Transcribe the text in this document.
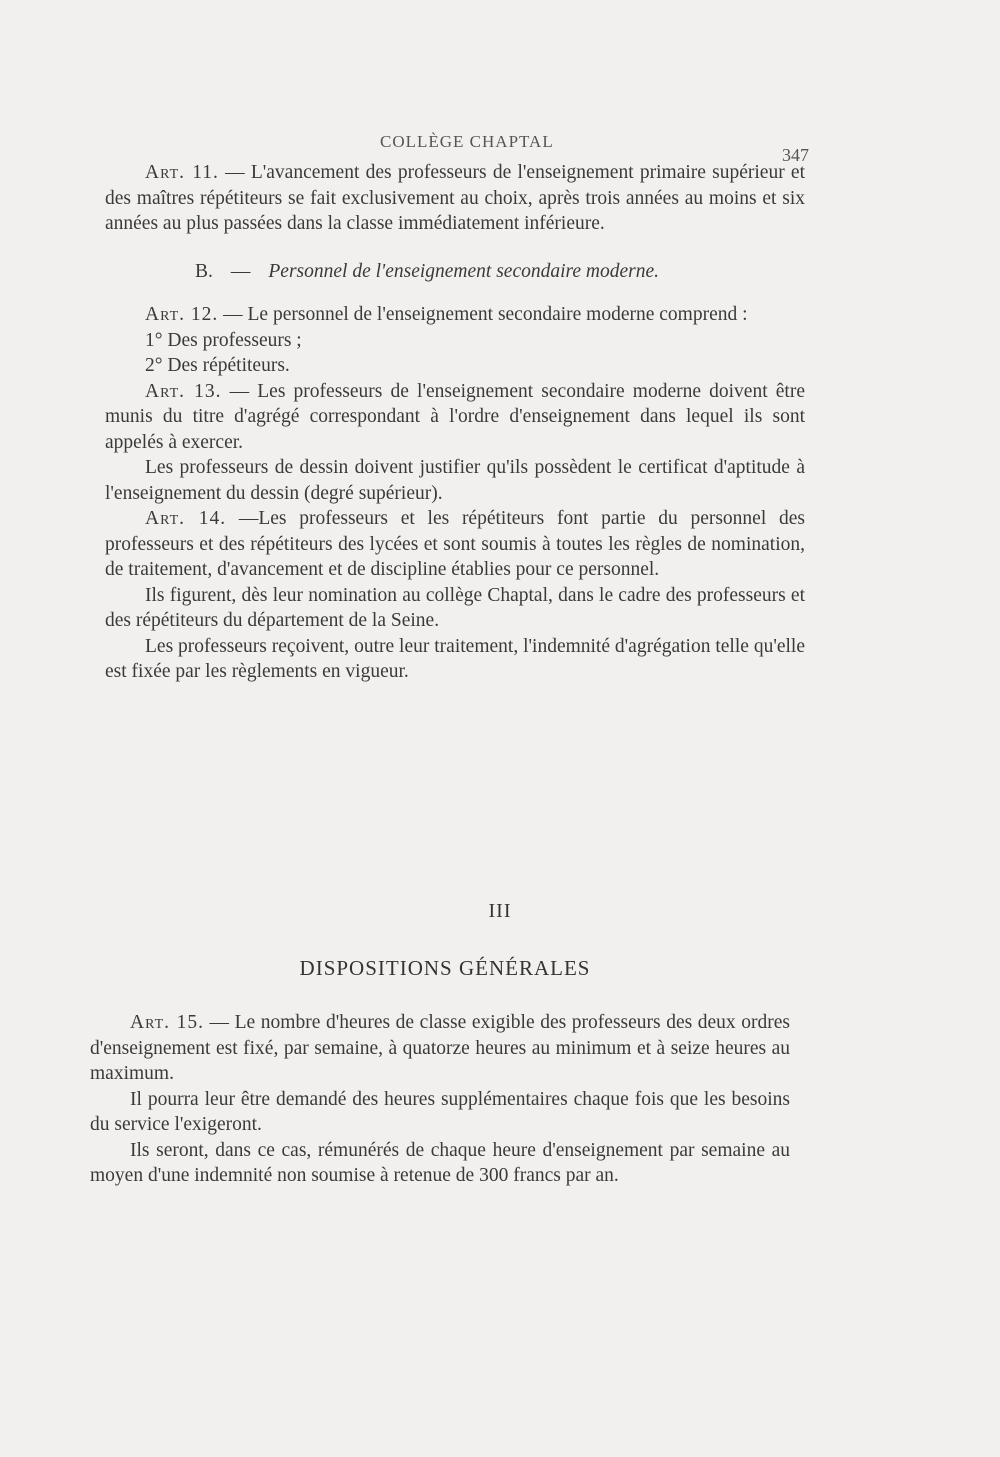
COLLÈGE CHAPTAL
347

Art. 11. — L'avancement des professeurs de l'enseignement primaire supérieur et des maîtres répétiteurs se fait exclusivement au choix, après trois années au moins et six années au plus passées dans la classe immédiatement inférieure.

B. — Personnel de l'enseignement secondaire moderne.

Art. 12. — Le personnel de l'enseignement secondaire moderne comprend :

1° Des professeurs ;

2° Des répétiteurs.

Art. 13. — Les professeurs de l'enseignement secondaire moderne doivent être munis du titre d'agrégé correspondant à l'ordre d'enseignement dans lequel ils sont appelés à exercer.

Les professeurs de dessin doivent justifier qu'ils possèdent le certificat d'aptitude à l'enseignement du dessin (degré supérieur).

Art. 14. —Les professeurs et les répétiteurs font partie du personnel des professeurs et des répétiteurs des lycées et sont soumis à toutes les règles de nomination, de traitement, d'avancement et de discipline établies pour ce personnel.

Ils figurent, dès leur nomination au collège Chaptal, dans le cadre des professeurs et des répétiteurs du département de la Seine.

Les professeurs reçoivent, outre leur traitement, l'indemnité d'agrégation telle qu'elle est fixée par les règlements en vigueur.

III
DISPOSITIONS GÉNÉRALES

Art. 15. — Le nombre d'heures de classe exigible des professeurs des deux ordres d'enseignement est fixé, par semaine, à quatorze heures au minimum et à seize heures au maximum.

Il pourra leur être demandé des heures supplémentaires chaque fois que les besoins du service l'exigeront.

Ils seront, dans ce cas, rémunérés de chaque heure d'enseignement par semaine au moyen d'une indemnité non soumise à retenue de 300 francs par an.
